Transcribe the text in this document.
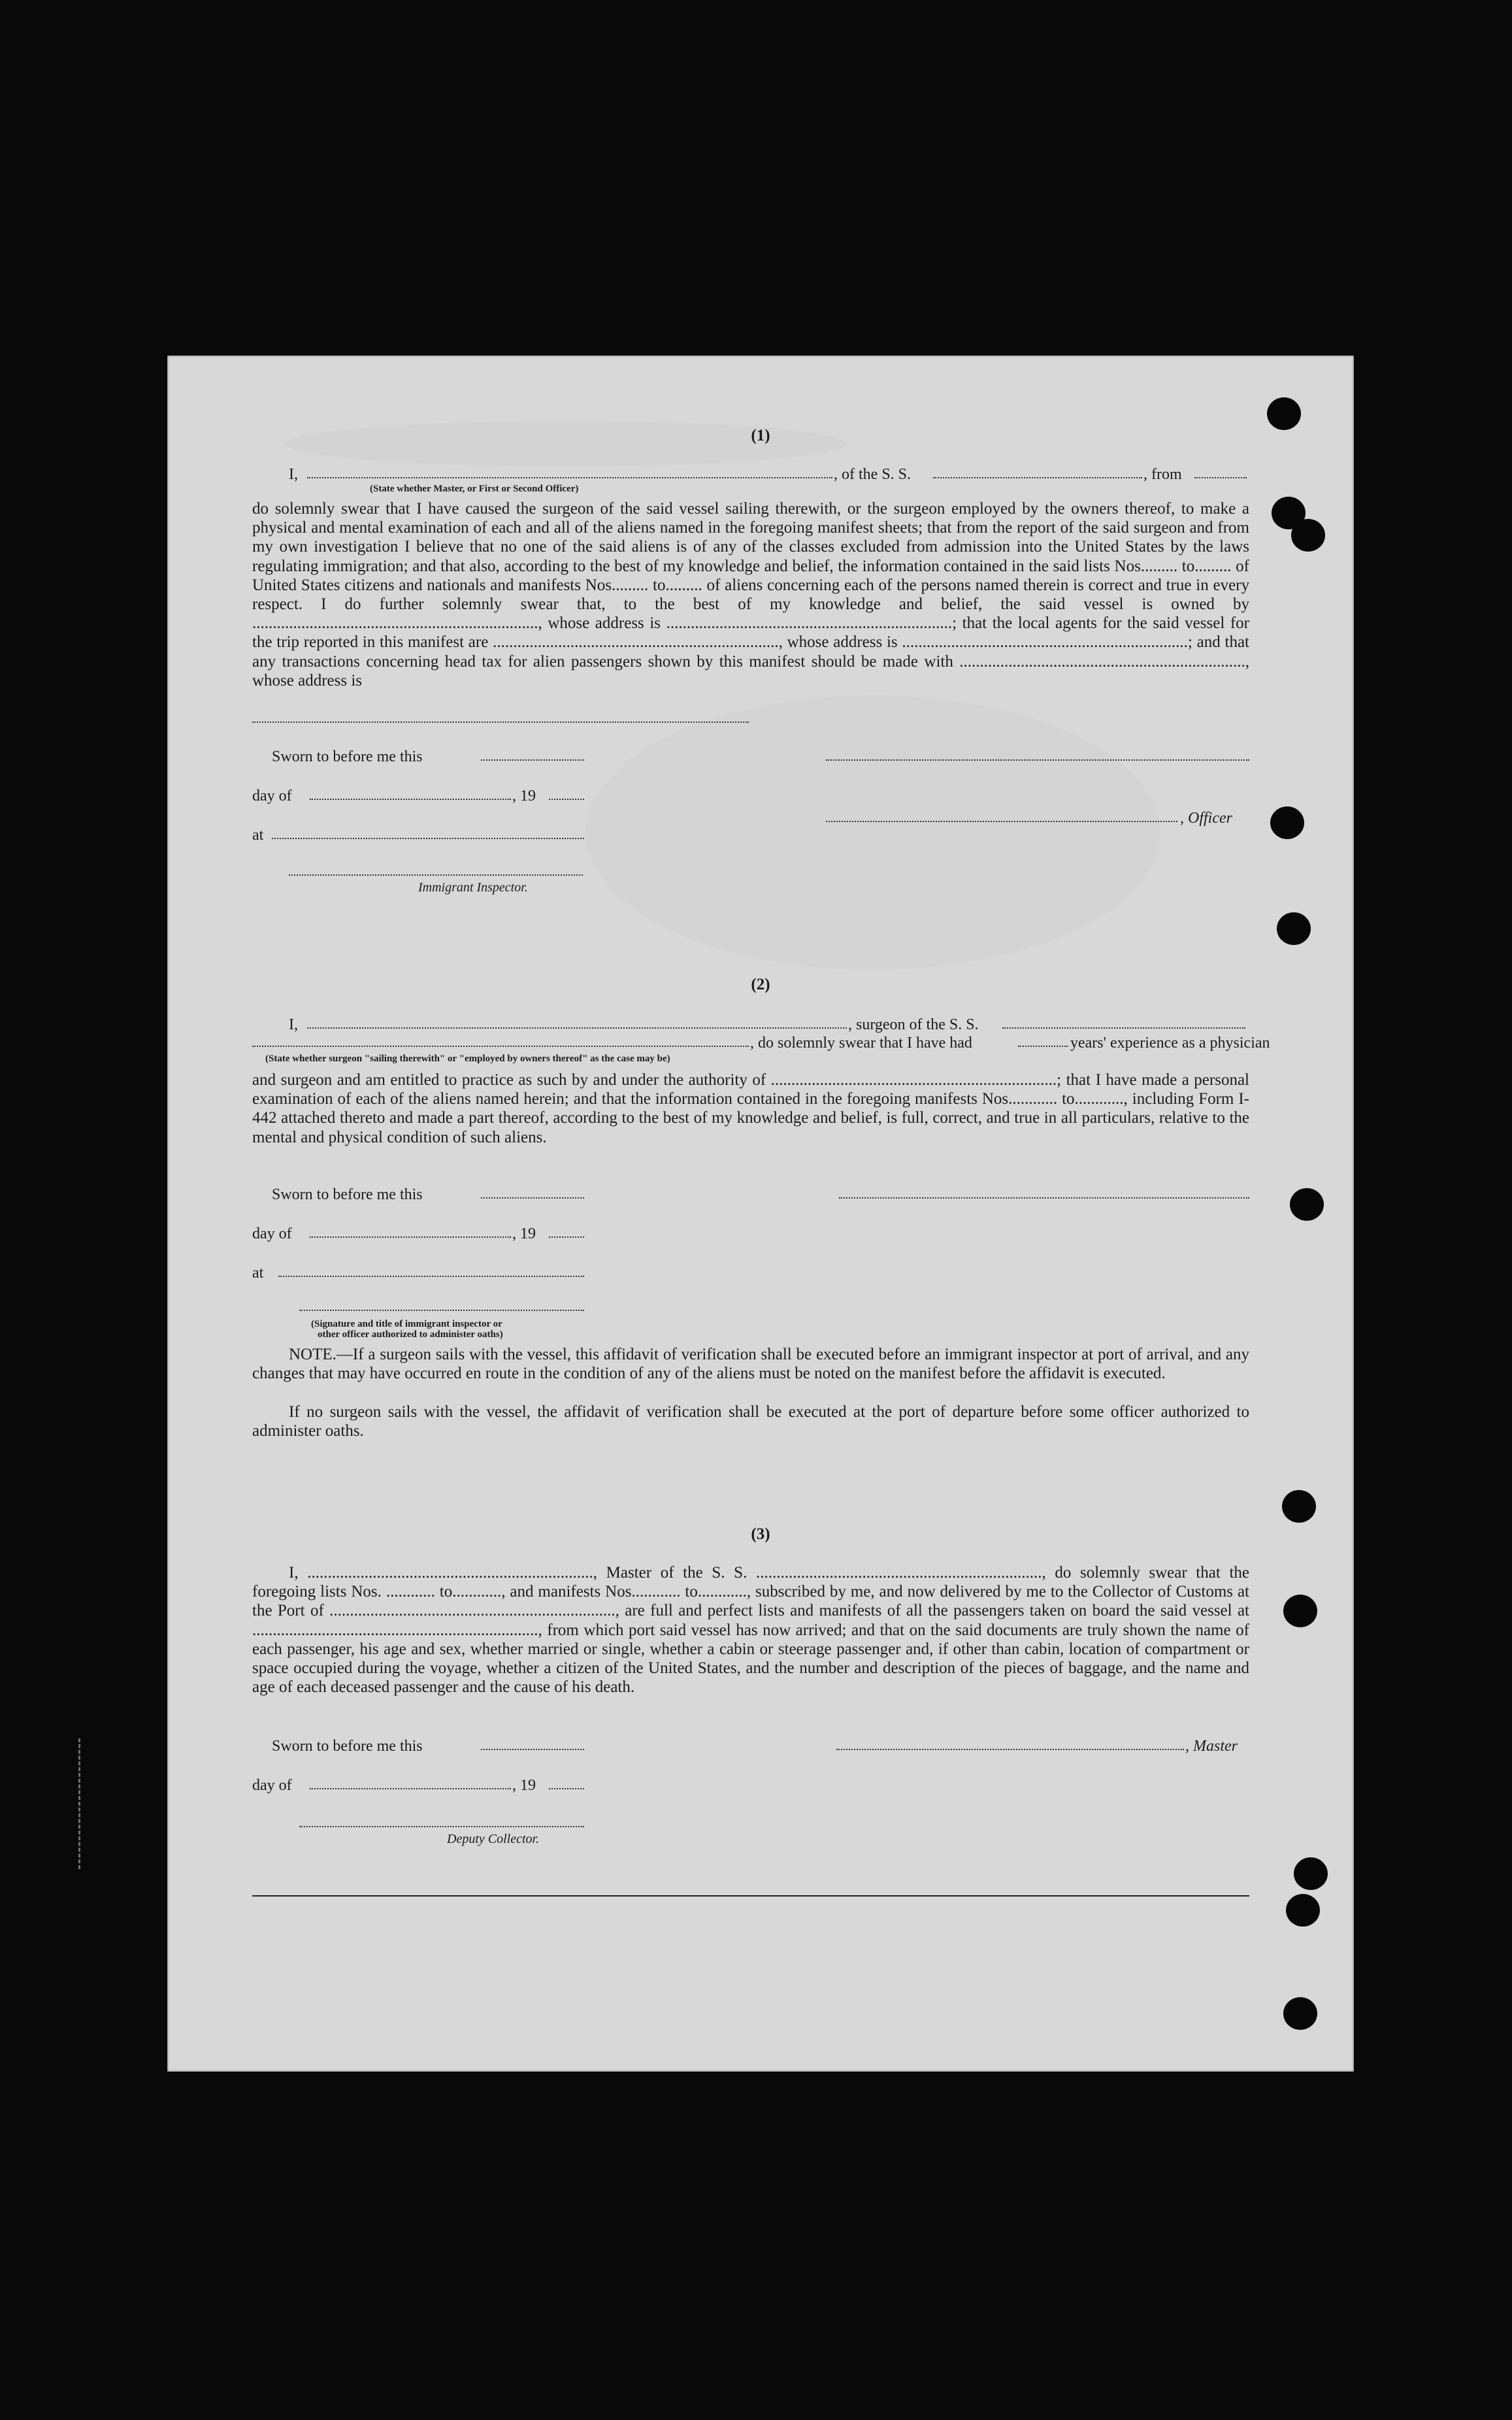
(1)
I,	, of the S. S.	, from
(State whether Master, or First or Second Officer)
do solemnly swear that I have caused the surgeon of the said vessel sailing therewith, or the surgeon employed by the owners thereof, to make a physical and mental examination of each and all of the aliens named in the foregoing manifest sheets; that from the report of the said surgeon and from my own investigation I believe that no one of the said aliens is of any of the classes excluded from admission into the United States by the laws regulating immigration; and that also, according to the best of my knowledge and belief, the information contained in the said lists Nos......... to......... of United States citizens and nationals and manifests Nos......... to......... of aliens concerning each of the persons named therein is correct and true in every respect. I do further solemnly swear that, to the best of my knowledge and belief, the said vessel is owned by ......................................................................, whose address is ......................................................................; that the local agents for the said vessel for the trip reported in this manifest are ......................................................................, whose address is ......................................................................; and that any transactions concerning head tax for alien passengers shown by this manifest should be made with ......................................................................, whose address is
Sworn to before me this
day of	, 19
, Officer
at
Immigrant Inspector.
(2)
I,	, surgeon of the S. S.
, do solemnly swear that I have had	years' experience as a physician
(State whether surgeon "sailing therewith" or "employed by owners thereof" as the case may be)
and surgeon and am entitled to practice as such by and under the authority of ......................................................................; that I have made a personal examination of each of the aliens named herein; and that the information contained in the foregoing manifests Nos............ to............, including Form I-442 attached thereto and made a part thereof, according to the best of my knowledge and belief, is full, correct, and true in all particulars, relative to the mental and physical condition of such aliens.
Sworn to before me this
day of	, 19
at
(Signature and title of immigrant inspector or
other officer authorized to administer oaths)
NOTE.—If a surgeon sails with the vessel, this affidavit of verification shall be executed before an immigrant inspector at port of arrival, and any changes that may have occurred en route in the condition of any of the aliens must be noted on the manifest before the affidavit is executed.
If no surgeon sails with the vessel, the affidavit of verification shall be executed at the port of departure before some officer authorized to administer oaths.
(3)
I, ......................................................................, Master of the S. S. ......................................................................, do solemnly swear that the foregoing lists Nos. ............ to............, and manifests Nos............ to............, subscribed by me, and now delivered by me to the Collector of Customs at the Port of ......................................................................, are full and perfect lists and manifests of all the passengers taken on board the said vessel at ......................................................................, from which port said vessel has now arrived; and that on the said documents are truly shown the name of each passenger, his age and sex, whether married or single, whether a cabin or steerage passenger and, if other than cabin, location of compartment or space occupied during the voyage, whether a citizen of the United States, and the number and description of the pieces of baggage, and the name and age of each deceased passenger and the cause of his death.
Sworn to before me this	, Master
day of	, 19
Deputy Collector.
